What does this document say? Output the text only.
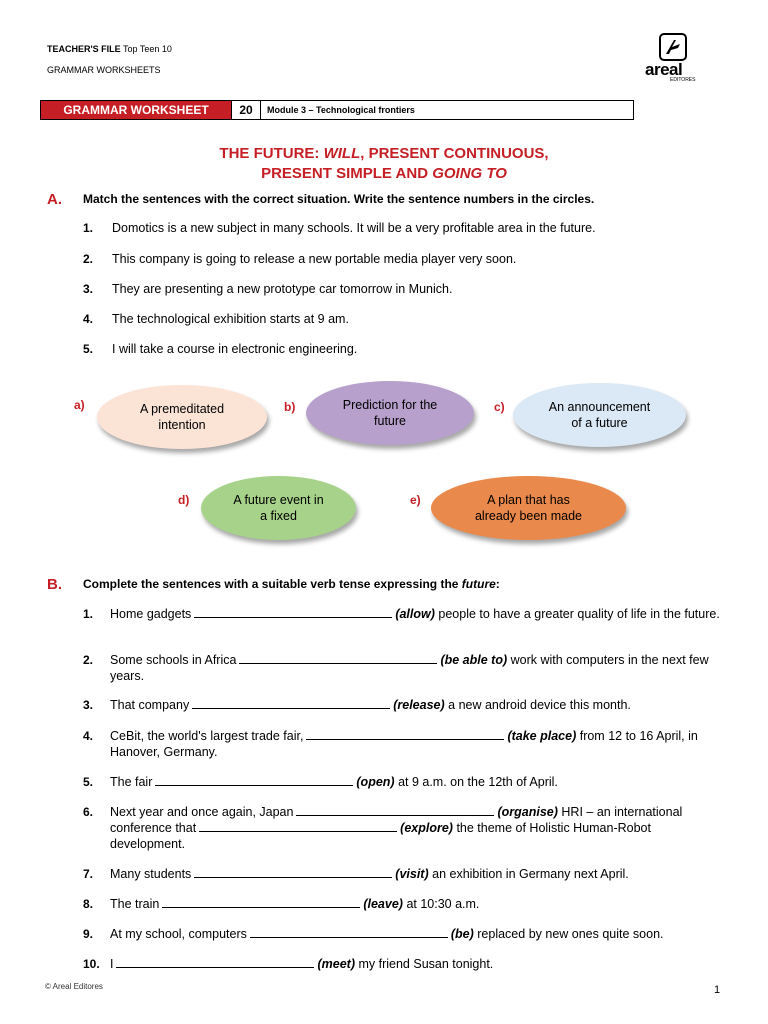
TEACHER'S FILE Top Teen 10
GRAMMAR WORKSHEETS	areal
EDITORES
GRAMMAR WORKSHEET	20	Module 3 – Technological frontiers
THE FUTURE: WILL, PRESENT CONTINUOUS,
PRESENT SIMPLE AND GOING TO
A. Match the sentences with the correct situation. Write the sentence numbers in the circles.
1. Domotics is a new subject in many schools. It will be a very profitable area in the future.
2. This company is going to release a new portable media player very soon.
3. They are presenting a new prototype car tomorrow in Munich.
4. The technological exhibition starts at 9 am.
5. I will take a course in electronic engineering.
a)	A premeditated intention
b)	Prediction for the future
c)	An announcement of a future
d)	A future event in a fixed
e)	A plan that has already been made
B. Complete the sentences with a suitable verb tense expressing the future:
1. Home gadgets	(allow) people to have a greater quality of life in the future.
2. Some schools in Africa	(be able to) work with computers in the next few years.
3. That company	(release) a new android device this month.
4. CeBit, the world's largest trade fair,	(take place) from 12 to 16 April, in Hanover, Germany.
5. The fair	(open) at 9 a.m. on the 12th of April.
6. Next year and once again, Japan	(organise) HRI – an international conference that	(explore) the theme of Holistic Human-Robot development.
7. Many students	(visit) an exhibition in Germany next April.
8. The train	(leave) at 10:30 a.m.
9. At my school, computers	(be) replaced by new ones quite soon.
10. I	(meet) my friend Susan tonight.
© Areal Editores	1
